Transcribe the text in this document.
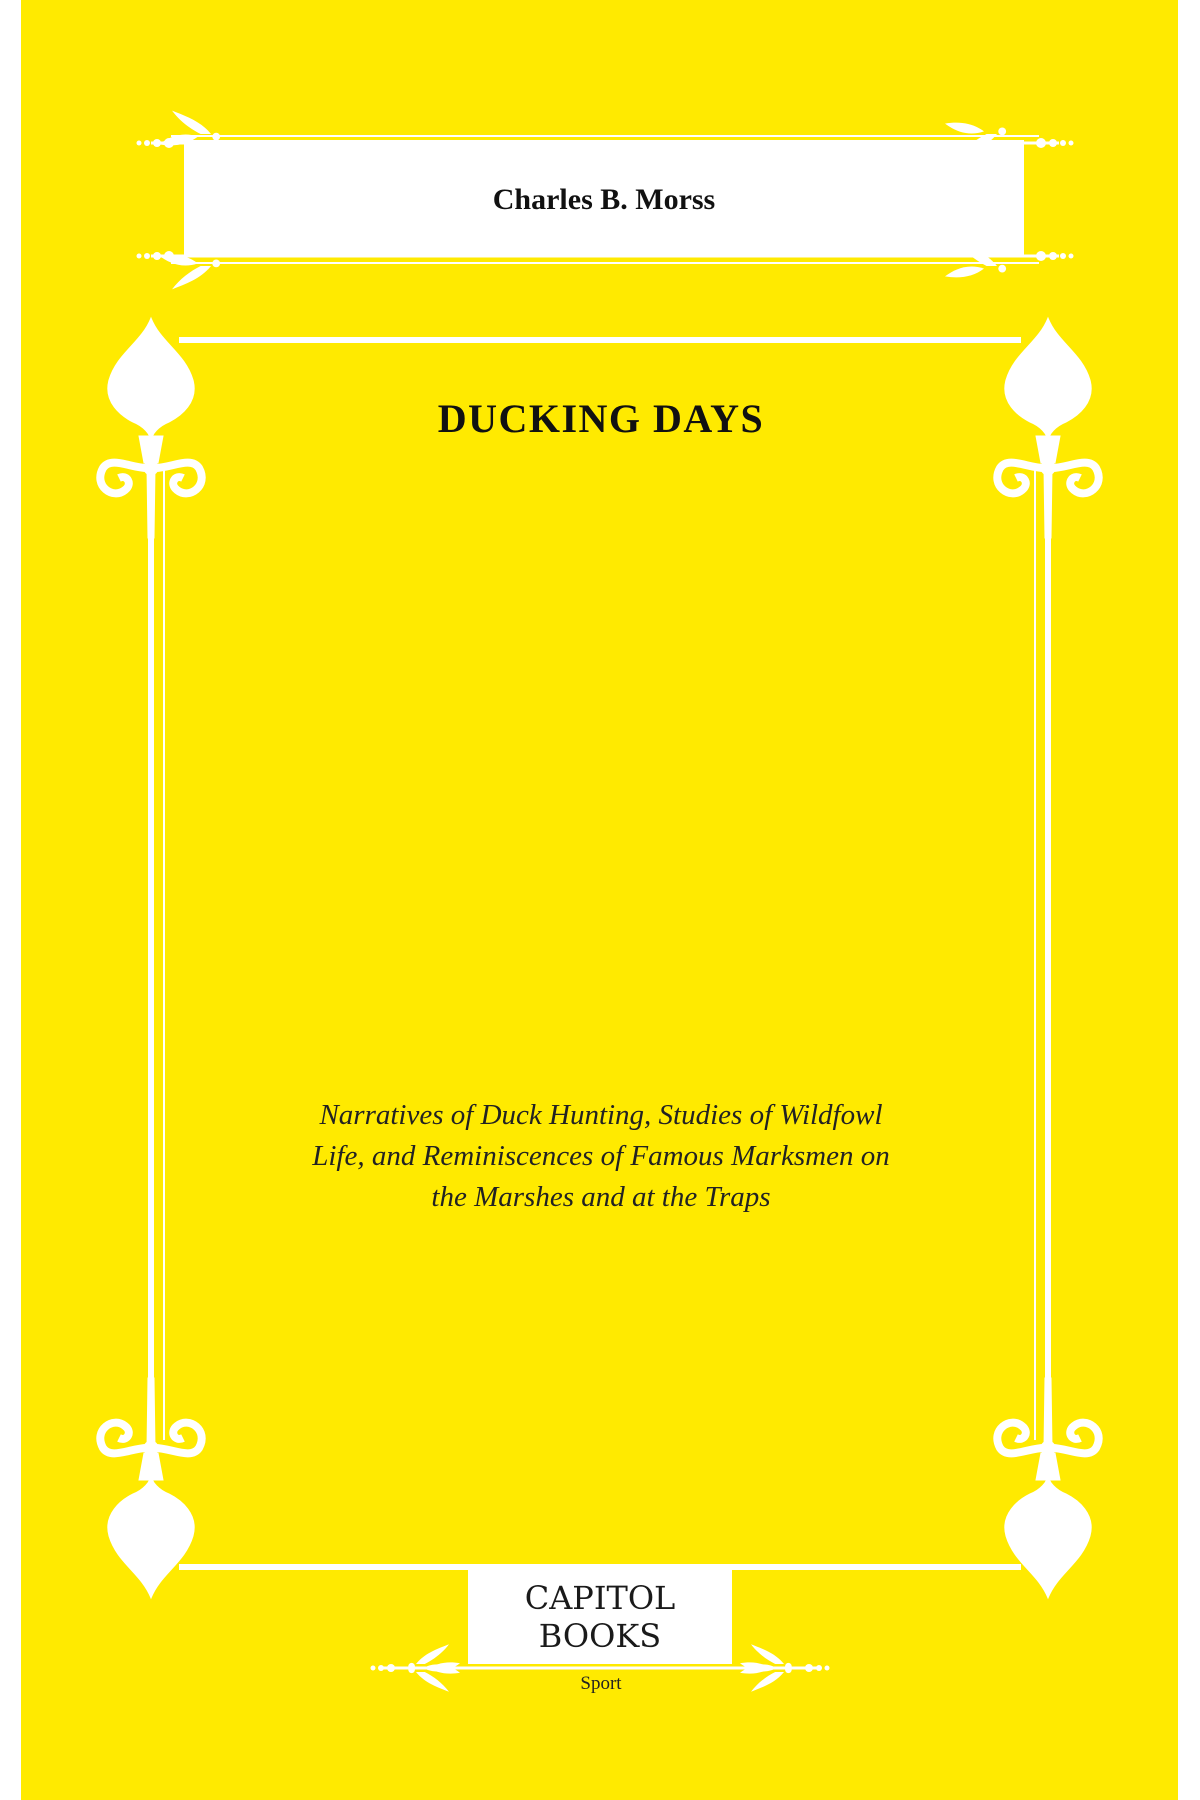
Charles B. Morss
DUCKING DAYS
Narratives of Duck Hunting, Studies of Wildfowl
Life, and Reminiscences of Famous Marksmen on
the Marshes and at the Traps
CAPITOL
BOOKS
Sport
